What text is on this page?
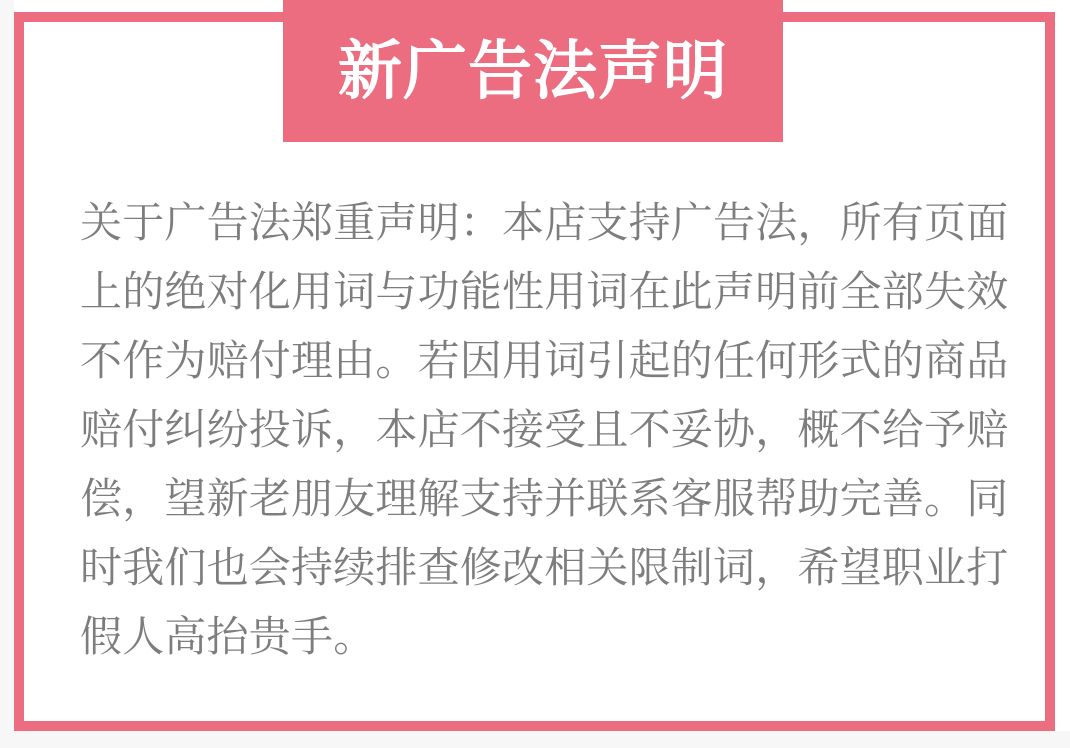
关于广告法郑重声明：本店支持广告法，所有页面
上的绝对化用词与功能性用词在此声明前全部失效
不作为赔付理由。若因用词引起的任何形式的商品
赔付纠纷投诉，本店不接受且不妥协，概不给予赔
偿，望新老朋友理解支持并联系客服帮助完善。同
时我们也会持续排查修改相关限制词，希望职业打
假人高抬贵手。
新广告法声明
